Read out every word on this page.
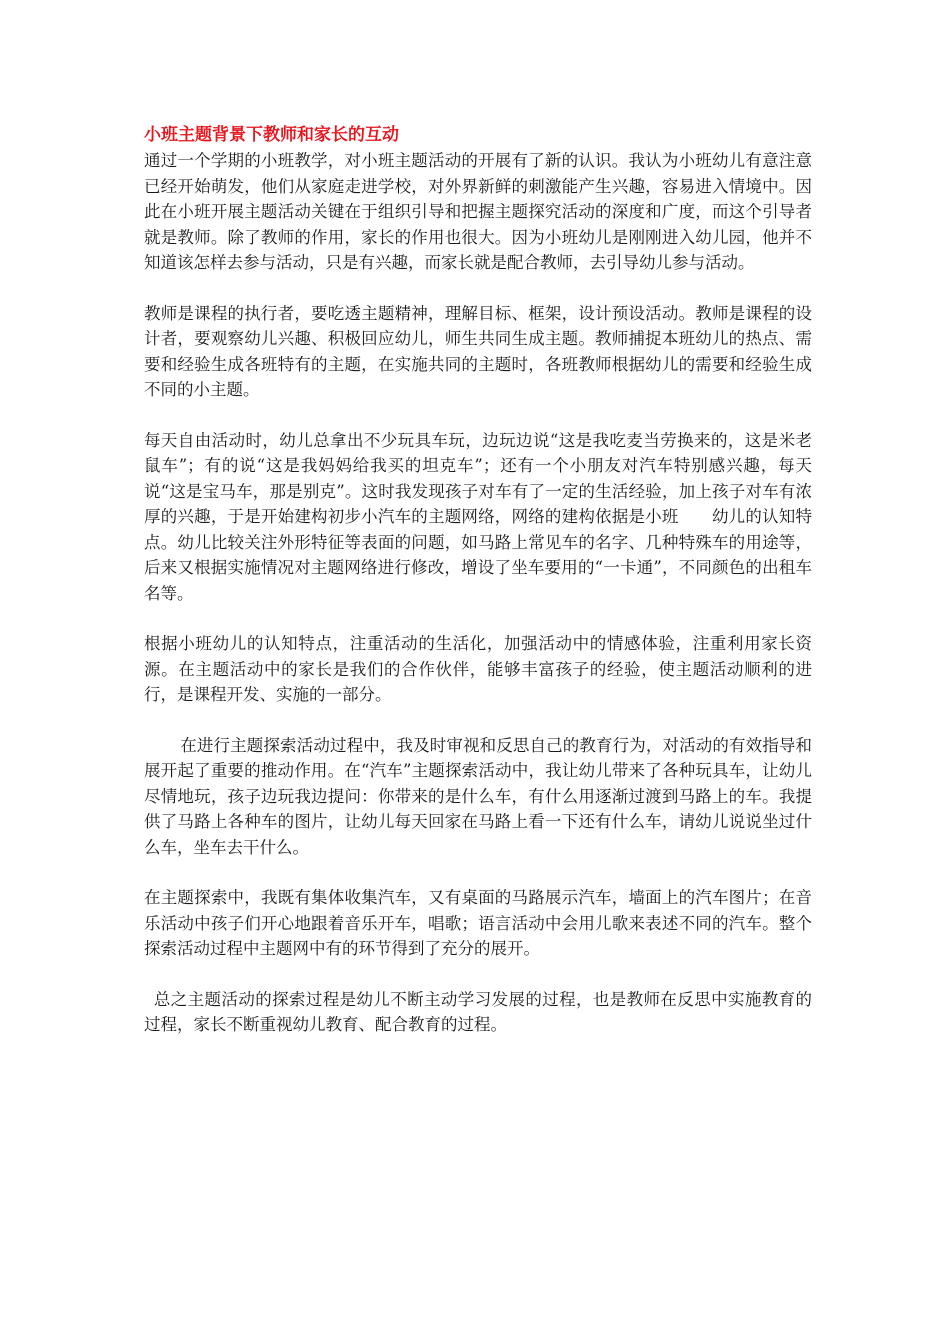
小班主题背景下教师和家长的互动

通过一个学期的小班教学，对小班主题活动的开展有了新的认识。我认为小班幼儿有意注意已经开始萌发，他们从家庭走进学校，对外界新鲜的刺激能产生兴趣，容易进入情境中。因此在小班开展主题活动关键在于组织引导和把握主题探究活动的深度和广度，而这个引导者就是教师。除了教师的作用，家长的作用也很大。因为小班幼儿是刚刚进入幼儿园，他并不知道该怎样去参与活动，只是有兴趣，而家长就是配合教师，去引导幼儿参与活动。

教师是课程的执行者，要吃透主题精神，理解目标、框架，设计预设活动。教师是课程的设计者，要观察幼儿兴趣、积极回应幼儿，师生共同生成主题。教师捕捉本班幼儿的热点、需要和经验生成各班特有的主题，在实施共同的主题时，各班教师根据幼儿的需要和经验生成不同的小主题。

每天自由活动时，幼儿总拿出不少玩具车玩，边玩边说“这是我吃麦当劳换来的，这是米老鼠车”；有的说“这是我妈妈给我买的坦克车”；还有一个小朋友对汽车特别感兴趣，每天说“这是宝马车，那是别克”。这时我发现孩子对车有了一定的生活经验，加上孩子对车有浓厚的兴趣，于是开始建构初步小汽车的主题网络，网络的建构依据是小班　　幼儿的认知特点。幼儿比较关注外形特征等表面的问题，如马路上常见车的名字、几种特殊车的用途等，后来又根据实施情况对主题网络进行修改，增设了坐车要用的“一卡通”，不同颜色的出租车名等。

根据小班幼儿的认知特点，注重活动的生活化，加强活动中的情感体验，注重利用家长资源。在主题活动中的家长是我们的合作伙伴，能够丰富孩子的经验，使主题活动顺利的进行，是课程开发、实施的一部分。

在进行主题探索活动过程中，我及时审视和反思自己的教育行为，对活动的有效指导和展开起了重要的推动作用。在“汽车”主题探索活动中，我让幼儿带来了各种玩具车，让幼儿尽情地玩，孩子边玩我边提问：你带来的是什么车，有什么用逐渐过渡到马路上的车。我提供了马路上各种车的图片，让幼儿每天回家在马路上看一下还有什么车，请幼儿说说坐过什么车，坐车去干什么。

在主题探索中，我既有集体收集汽车，又有桌面的马路展示汽车，墙面上的汽车图片；在音乐活动中孩子们开心地跟着音乐开车，唱歌；语言活动中会用儿歌来表述不同的汽车。整个探索活动过程中主题网中有的环节得到了充分的展开。

总之主题活动的探索过程是幼儿不断主动学习发展的过程，也是教师在反思中实施教育的过程，家长不断重视幼儿教育、配合教育的过程。
